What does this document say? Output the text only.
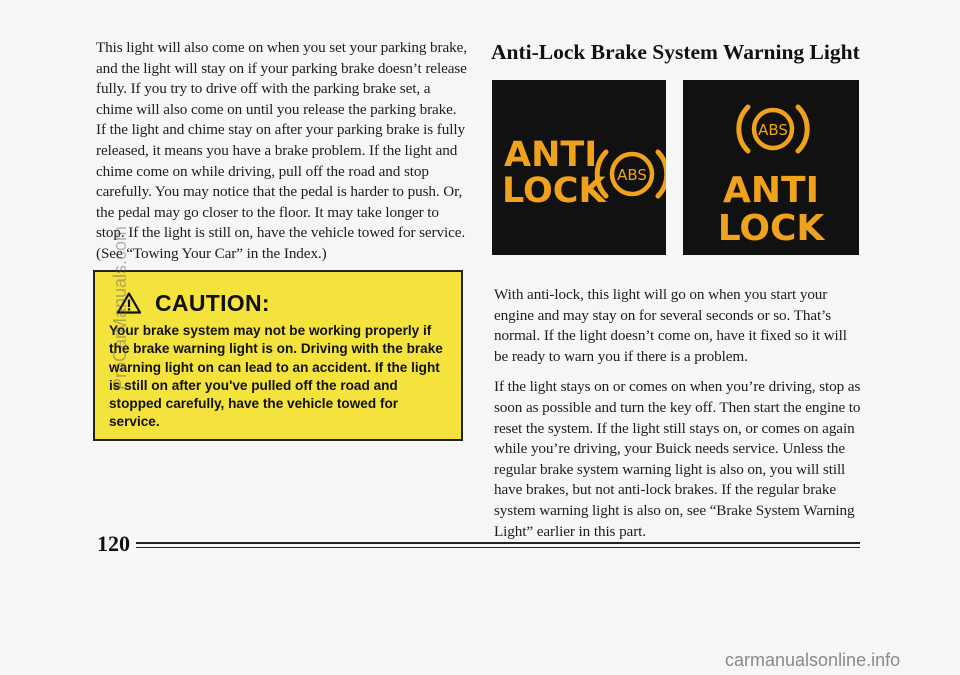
This light will also come on when you set your parking brake, and the light will stay on if your parking brake doesn’t release fully. If you try to drive off with the parking brake set, a chime will also come on until you release the parking brake. If the light and chime stay on after your parking brake is fully released, it means you have a brake problem. If the light and chime come on while driving, pull off the road and stop carefully. You may notice that the pedal is harder to push. Or, the pedal may go closer to the floor. It may take longer to stop. If the light is still on, have the vehicle towed for service. (See “Towing Your Car” in the Index.)

CAUTION:
Your brake system may not be working properly if the brake warning light is on. Driving with the brake warning light on can lead to an accident. If the light is still on after you've pulled off the road and stopped carefully, have the vehicle towed for service.
Anti-Lock Brake System Warning Light
ANTI
LOCK ABS
ABS
ANTI
LOCK

With anti-lock, this light will go on when you start your engine and may stay on for several seconds or so. That’s normal. If the light doesn’t come on, have it fixed so it will be ready to warn you if there is a problem.

If the light stays on or comes on when you’re driving, stop as soon as possible and turn the key off. Then start the engine to reset the system. If the light still stays on, or comes on again while you’re driving, your Buick needs service. Unless the regular brake system warning light is also on, you will still have brakes, but not anti-lock brakes. If the regular brake system warning light is also on, see “Brake System Warning Light” earlier in this part.

120
ProCarManuals.com
carmanualsonline.info
